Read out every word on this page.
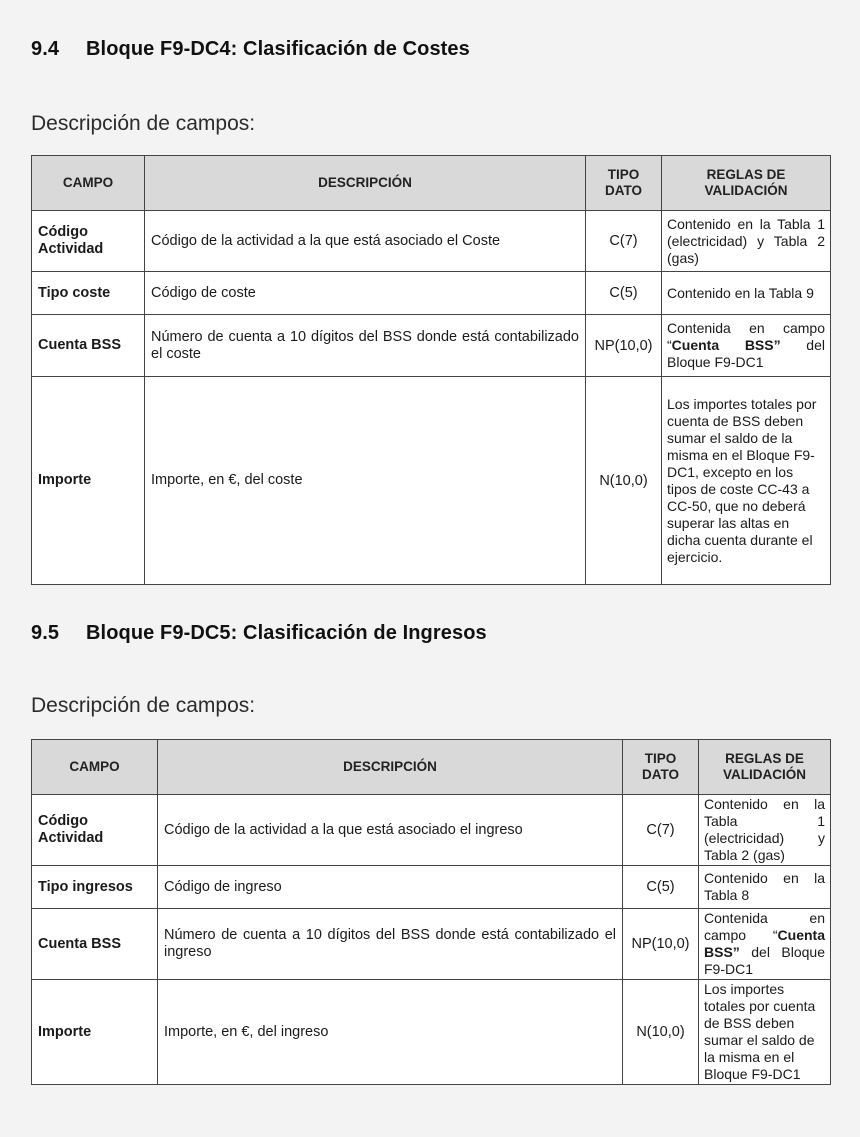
9.4 Bloque F9-DC4: Clasificación de Costes
Descripción de campos:
CAMPO	DESCRIPCIÓN	TIPO DATO	REGLAS DE VALIDACIÓN
Código Actividad	Código de la actividad a la que está asociado el Coste	C(7)	Contenido en la Tabla 1 (electricidad) y Tabla 2 (gas)
Tipo coste	Código de coste	C(5)	Contenido en la Tabla 9
Cuenta BSS	Número de cuenta a 10 dígitos del BSS donde está contabilizado el coste	NP(10,0)	Contenida en campo “Cuenta BSS” del Bloque F9-DC1
Importe	Importe, en €, del coste	N(10,0)	Los importes totales por cuenta de BSS deben sumar el saldo de la misma en el Bloque F9-DC1, excepto en los tipos de coste CC-43 a CC-50, que no deberá superar las altas en dicha cuenta durante el ejercicio.
9.5 Bloque F9-DC5: Clasificación de Ingresos
Descripción de campos:
CAMPO	DESCRIPCIÓN	TIPO DATO	REGLAS DE VALIDACIÓN
Código Actividad	Código de la actividad a la que está asociado el ingreso	C(7)	Contenido en la Tabla 1 (electricidad) y Tabla 2 (gas)
Tipo ingresos	Código de ingreso	C(5)	Contenido en la Tabla 8
Cuenta BSS	Número de cuenta a 10 dígitos del BSS donde está contabilizado el ingreso	NP(10,0)	Contenida en campo “Cuenta BSS” del Bloque F9-DC1
Importe	Importe, en €, del ingreso	N(10,0)	Los importes totales por cuenta de BSS deben sumar el saldo de la misma en el Bloque F9-DC1
